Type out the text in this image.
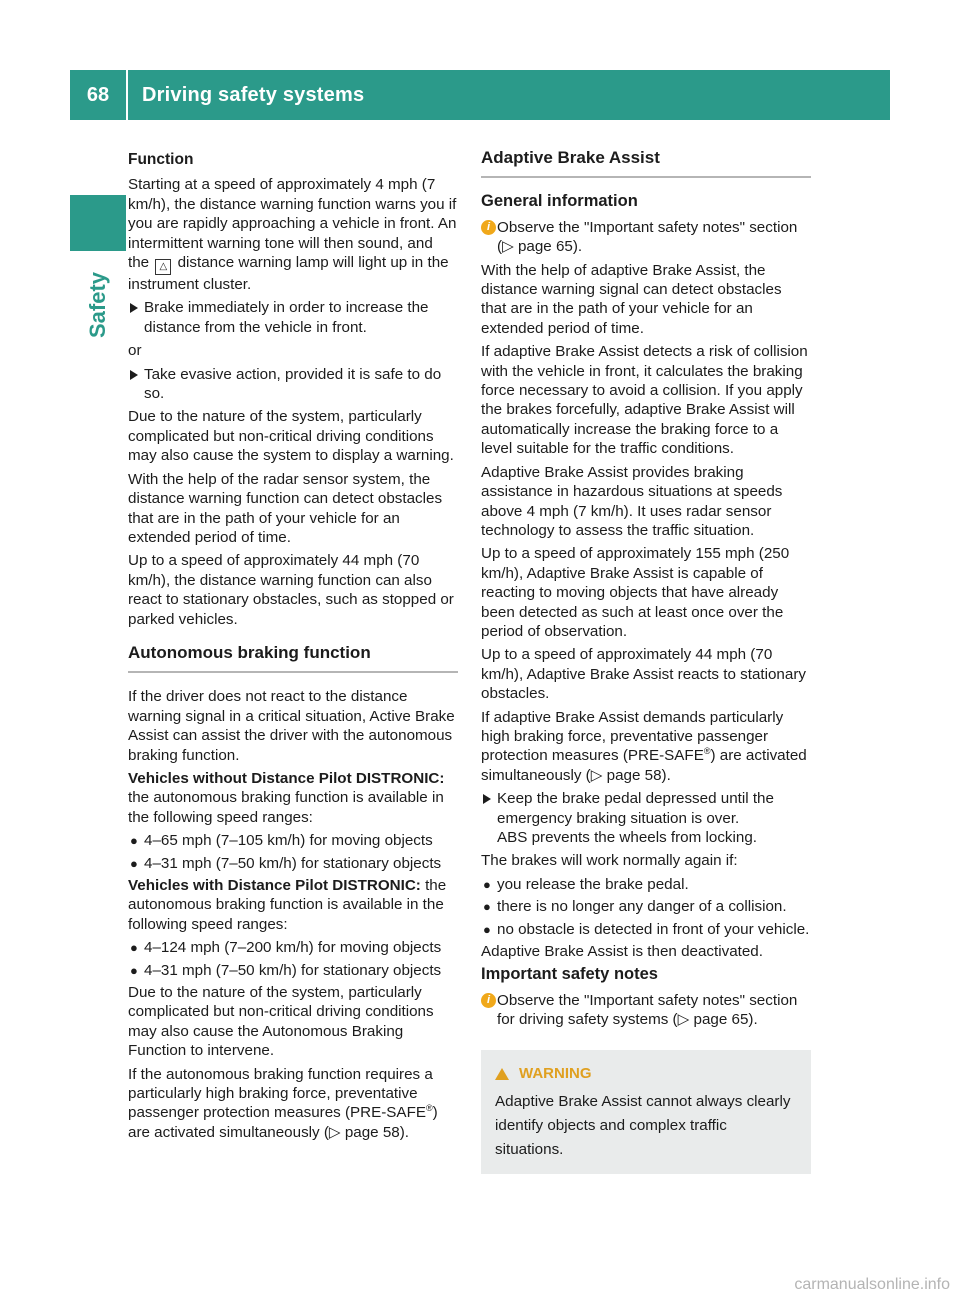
68	Driving safety systems
Safety
Function

Starting at a speed of approximately 4 mph (7 km/h), the distance warning function warns you if you are rapidly approaching a vehicle in front. An intermittent warning tone will then sound, and the △ distance warning lamp will light up in the instrument cluster.

Brake immediately in order to increase the distance from the vehicle in front.

or

Take evasive action, provided it is safe to do so.

Due to the nature of the system, particularly complicated but non-critical driving conditions may also cause the system to display a warning.

With the help of the radar sensor system, the distance warning function can detect obstacles that are in the path of your vehicle for an extended period of time.

Up to a speed of approximately 44 mph (70 km/h), the distance warning function can also react to stationary obstacles, such as stopped or parked vehicles.

Autonomous braking function

If the driver does not react to the distance warning signal in a critical situation, Active Brake Assist can assist the driver with the autonomous braking function.

Vehicles without Distance Pilot DISTRONIC: the autonomous braking function is available in the following speed ranges:

● 4–65 mph (7–105 km/h) for moving objects
● 4–31 mph (7–50 km/h) for stationary objects

Vehicles with Distance Pilot DISTRONIC: the autonomous braking function is available in the following speed ranges:

● 4–124 mph (7–200 km/h) for moving objects
● 4–31 mph (7–50 km/h) for stationary objects

Due to the nature of the system, particularly complicated but non-critical driving conditions may also cause the Autonomous Braking Function to intervene.

If the autonomous braking function requires a particularly high braking force, preventative passenger protection measures (PRE-SAFE®) are activated simultaneously (▷ page 58).

Adaptive Brake Assist
General information
i Observe the "Important safety notes" section (▷ page 65).

With the help of adaptive Brake Assist, the distance warning signal can detect obstacles that are in the path of your vehicle for an extended period of time.

If adaptive Brake Assist detects a risk of collision with the vehicle in front, it calculates the braking force necessary to avoid a collision. If you apply the brakes forcefully, adaptive Brake Assist will automatically increase the braking force to a level suitable for the traffic conditions.

Adaptive Brake Assist provides braking assistance in hazardous situations at speeds above 4 mph (7 km/h). It uses radar sensor technology to assess the traffic situation.

Up to a speed of approximately 155 mph (250 km/h), Adaptive Brake Assist is capable of reacting to moving objects that have already been detected as such at least once over the period of observation.

Up to a speed of approximately 44 mph (70 km/h), Adaptive Brake Assist reacts to stationary obstacles.

If adaptive Brake Assist demands particularly high braking force, preventative passenger protection measures (PRE-SAFE®) are activated simultaneously (▷ page 58).

Keep the brake pedal depressed until the emergency braking situation is over.
ABS prevents the wheels from locking.

The brakes will work normally again if:

● you release the brake pedal.
● there is no longer any danger of a collision.
● no obstacle is detected in front of your vehicle.

Adaptive Brake Assist is then deactivated.

Important safety notes
i Observe the "Important safety notes" section for driving safety systems (▷ page 65).
WARNING
Adaptive Brake Assist cannot always clearly identify objects and complex traffic situations.
carmanualsonline.info
